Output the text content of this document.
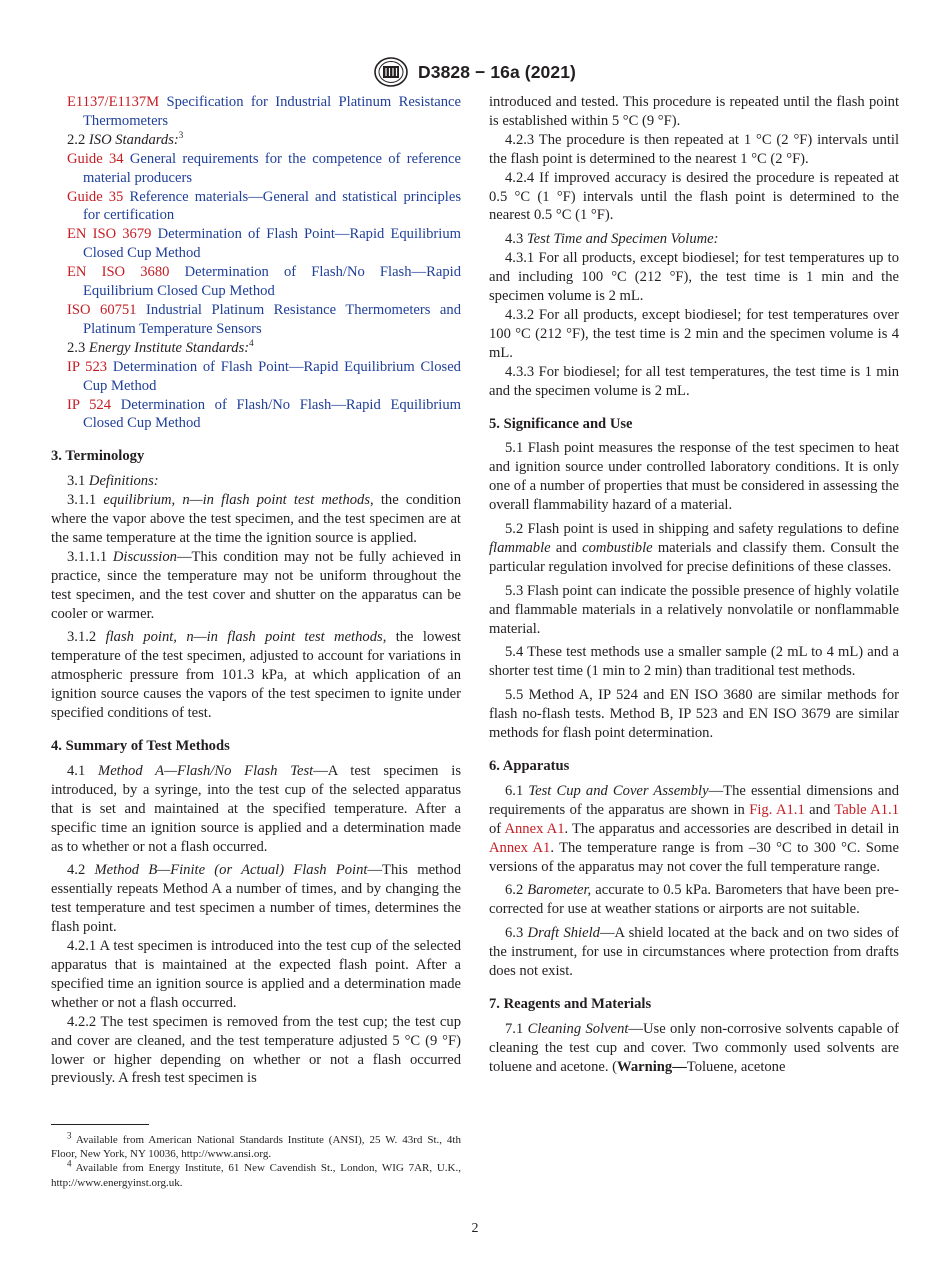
D3828 − 16a (2021)
E1137/E1137M Specification for Industrial Platinum Resistance Thermometers

2.2 ISO Standards:$^3$

Guide 34 General requirements for the competence of reference material producers
Guide 35 Reference materials—General and statistical principles for certification
EN ISO 3679 Determination of Flash Point—Rapid Equilibrium Closed Cup Method
EN ISO 3680 Determination of Flash/No Flash—Rapid Equilibrium Closed Cup Method
ISO 60751 Industrial Platinum Resistance Thermometers and Platinum Temperature Sensors

2.3 Energy Institute Standards:$^4$

IP 523 Determination of Flash Point—Rapid Equilibrium Closed Cup Method
IP 524 Determination of Flash/No Flash—Rapid Equilibrium Closed Cup Method
3. Terminology

3.1 Definitions:

3.1.1 equilibrium, n—in flash point test methods, the condition where the vapor above the test specimen, and the test specimen are at the same temperature at the time the ignition source is applied.

3.1.1.1 Discussion—This condition may not be fully achieved in practice, since the temperature may not be uniform throughout the test specimen, and the test cover and shutter on the apparatus can be cooler or warmer.

3.1.2 flash point, n—in flash point test methods, the lowest temperature of the test specimen, adjusted to account for variations in atmospheric pressure from 101.3 kPa, at which application of an ignition source causes the vapors of the test specimen to ignite under specified conditions of test.

4. Summary of Test Methods

4.1 Method A—Flash/No Flash Test—A test specimen is introduced, by a syringe, into the test cup of the selected apparatus that is set and maintained at the specified temperature. After a specific time an ignition source is applied and a determination made as to whether or not a flash occurred.

4.2 Method B—Finite (or Actual) Flash Point—This method essentially repeats Method A a number of times, and by changing the test temperature and test specimen a number of times, determines the flash point.

4.2.1 A test specimen is introduced into the test cup of the selected apparatus that is maintained at the expected flash point. After a specified time an ignition source is applied and a determination made whether or not a flash occurred.

4.2.2 The test specimen is removed from the test cup; the test cup and cover are cleaned, and the test temperature adjusted 5 °C (9 °F) lower or higher depending on whether or not a flash occurred previously. A fresh test specimen is

introduced and tested. This procedure is repeated until the flash point is established within 5 °C (9 °F).

4.2.3 The procedure is then repeated at 1 °C (2 °F) intervals until the flash point is determined to the nearest 1 °C (2 °F).

4.2.4 If improved accuracy is desired the procedure is repeated at 0.5 °C (1 °F) intervals until the flash point is determined to the nearest 0.5 °C (1 °F).

4.3 Test Time and Specimen Volume:

4.3.1 For all products, except biodiesel; for test temperatures up to and including 100 °C (212 °F), the test time is 1 min and the specimen volume is 2 mL.

4.3.2 For all products, except biodiesel; for test temperatures over 100 °C (212 °F), the test time is 2 min and the specimen volume is 4 mL.

4.3.3 For biodiesel; for all test temperatures, the test time is 1 min and the specimen volume is 2 mL.

5. Significance and Use

5.1 Flash point measures the response of the test specimen to heat and ignition source under controlled laboratory conditions. It is only one of a number of properties that must be considered in assessing the overall flammability hazard of a material.

5.2 Flash point is used in shipping and safety regulations to define flammable and combustible materials and classify them. Consult the particular regulation involved for precise definitions of these classes.

5.3 Flash point can indicate the possible presence of highly volatile and flammable materials in a relatively nonvolatile or nonflammable material.

5.4 These test methods use a smaller sample (2 mL to 4 mL) and a shorter test time (1 min to 2 min) than traditional test methods.

5.5 Method A, IP 524 and EN ISO 3680 are similar methods for flash no-flash tests. Method B, IP 523 and EN ISO 3679 are similar methods for flash point determination.

6. Apparatus

6.1 Test Cup and Cover Assembly—The essential dimensions and requirements of the apparatus are shown in Fig. A1.1 and Table A1.1 of Annex A1. The apparatus and accessories are described in detail in Annex A1. The temperature range is from –30 °C to 300 °C. Some versions of the apparatus may not cover the full temperature range.

6.2 Barometer, accurate to 0.5 kPa. Barometers that have been pre-corrected for use at weather stations or airports are not suitable.

6.3 Draft Shield—A shield located at the back and on two sides of the instrument, for use in circumstances where protection from drafts does not exist.

7. Reagents and Materials

7.1 Cleaning Solvent—Use only non-corrosive solvents capable of cleaning the test cup and cover. Two commonly used solvents are toluene and acetone. (Warning—Toluene, acetone

$^3$ Available from American National Standards Institute (ANSI), 25 W. 43rd St., 4th Floor, New York, NY 10036, http://www.ansi.org.

$^4$ Available from Energy Institute, 61 New Cavendish St., London, WIG 7AR, U.K., http://www.energyinst.org.uk.

2
